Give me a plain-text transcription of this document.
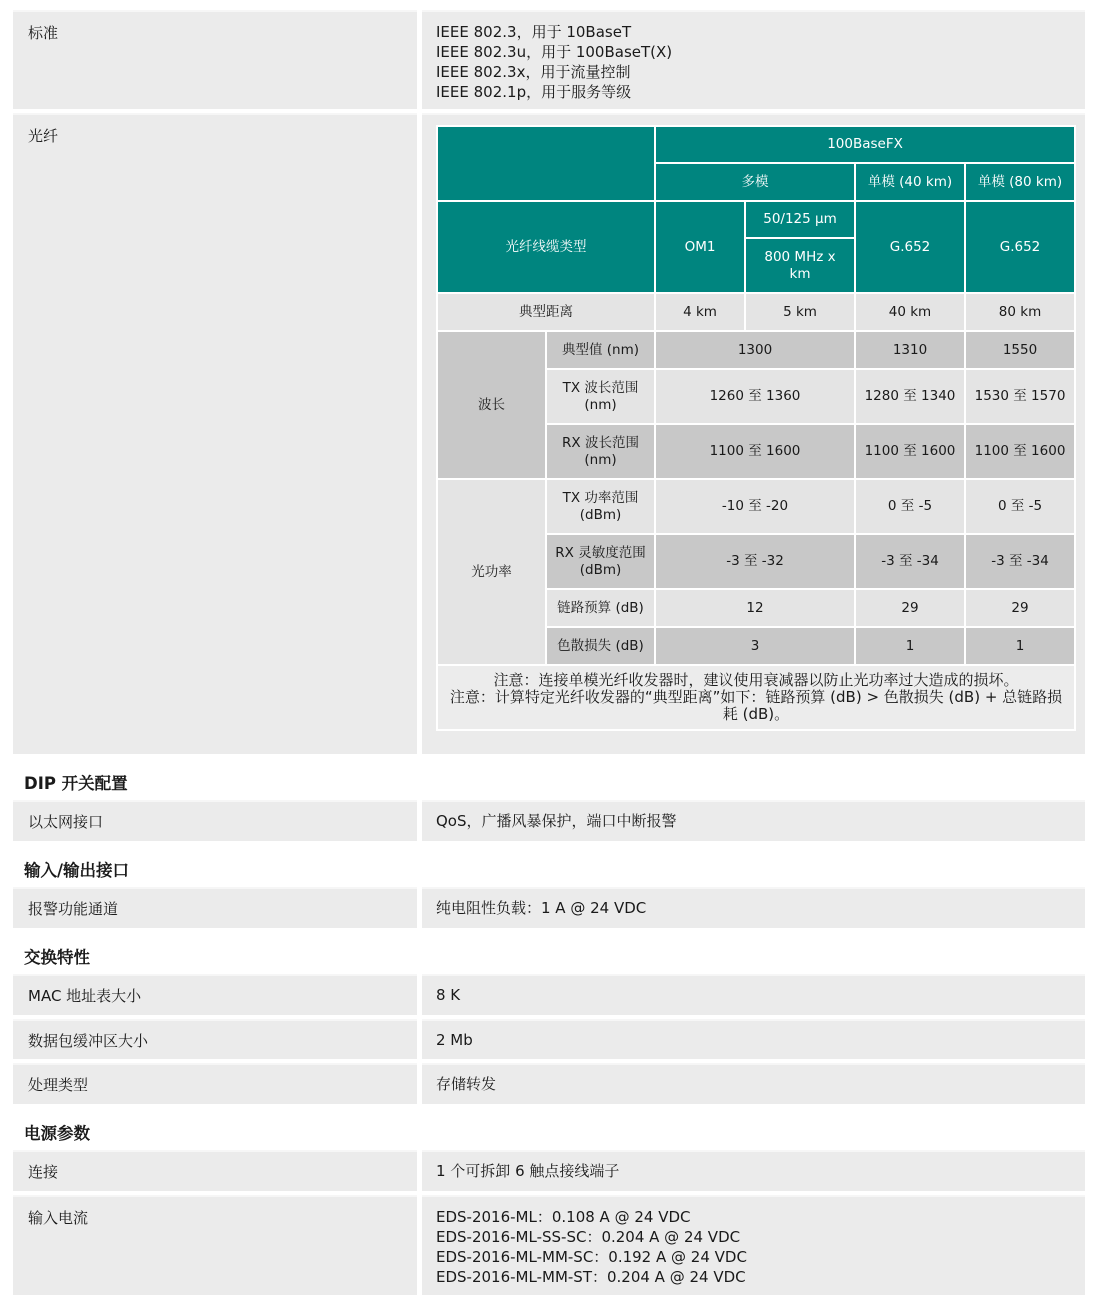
标准	IEEE 802.3，用于 10BaseT
IEEE 802.3u，用于 100BaseT(X)
IEEE 802.3x，用于流量控制
IEEE 802.1p，用于服务等级
光纤
		100BaseFX			
		多模		单模 (40 km)	单模 (80 km)
光纤线缆类型		OM1	50/125 µm	G.652	G.652
			800 MHz x km		
典型距离		4 km	5 km	40 km	80 km
波长	典型值 (nm)	1300		1310	1550
	TX 波长范围 (nm)	1260 至 1360		1280 至 1340	1530 至 1570
	RX 波长范围 (nm)	1100 至 1600		1100 至 1600	1100 至 1600
光功率	TX 功率范围 (dBm)	-10 至 -20		0 至 -5	0 至 -5
	RX 灵敏度范围 (dBm)	-3 至 -32		-3 至 -34	-3 至 -34
	链路预算 (dB)	12		29	29
	色散损失 (dB)	3		1	1

注意：连接单模光纤收发器时，建议使用衰减器以防止光功率过大造成的损坏。
注意：计算特定光纤收发器的“典型距离”如下：链路预算 (dB) > 色散损失 (dB) + 总链路损耗 (dB)。					
DIP 开关配置
以太网接口	QoS，广播风暴保护，端口中断报警
输入/输出接口
报警功能通道	纯电阻性负载：1 A @ 24 VDC
交换特性
MAC 地址表大小	8 K
数据包缓冲区大小	2 Mb
处理类型	存储转发
电源参数
连接	1 个可拆卸 6 触点接线端子
输入电流	EDS-2016-ML：0.108 A @ 24 VDC
EDS-2016-ML-SS-SC：0.204 A @ 24 VDC
EDS-2016-ML-MM-SC：0.192 A @ 24 VDC
EDS-2016-ML-MM-ST：0.204 A @ 24 VDC
